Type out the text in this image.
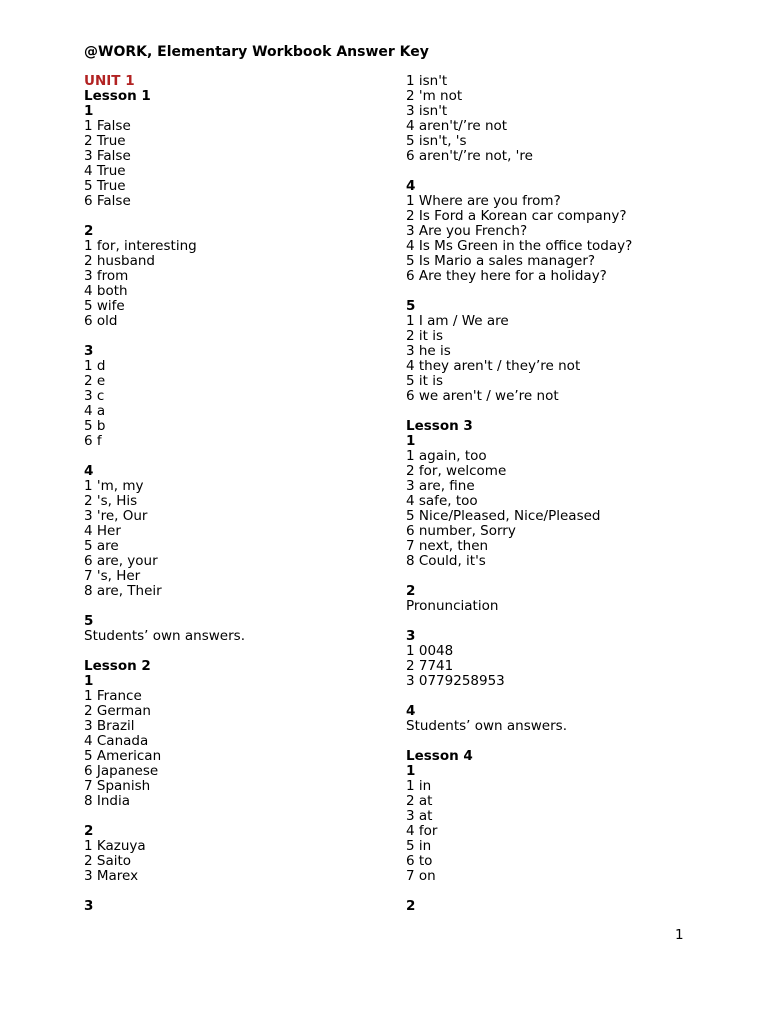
@WORK, Elementary Workbook Answer Key
UNIT 1
Lesson 1
1
1 False
2 True
3 False
4 True
5 True
6 False
2
1 for, interesting
2 husband
3 from
4 both
5 wife
6 old
3
1 d
2 e
3 c
4 a
5 b
6 f
4
1 'm, my
2 's, His
3 're, Our
4 Her
5 are
6 are, your
7 's, Her
8 are, Their
5
Students’ own answers.
Lesson 2
1
1 France
2 German
3 Brazil
4 Canada
5 American
6 Japanese
7 Spanish
8 India
2
1 Kazuya
2 Saito
3 Marex
3
1 isn't
2 'm not
3 isn't
4 aren't/’re not
5 isn't, 's
6 aren't/’re not, 're
4
1 Where are you from?
2 Is Ford a Korean car company?
3 Are you French?
4 Is Ms Green in the office today?
5 Is Mario a sales manager?
6 Are they here for a holiday?
5
1 I am / We are
2 it is
3 he is
4 they aren't / they’re not
5 it is
6 we aren't / we’re not
Lesson 3
1
1 again, too
2 for, welcome
3 are, fine
4 safe, too
5 Nice/Pleased, Nice/Pleased
6 number, Sorry
7 next, then
8 Could, it's
2
Pronunciation
3
1 0048
2 7741
3 0779258953
4
Students’ own answers.
Lesson 4
1
1 in
2 at
3 at
4 for
5 in
6 to
7 on
2
1
